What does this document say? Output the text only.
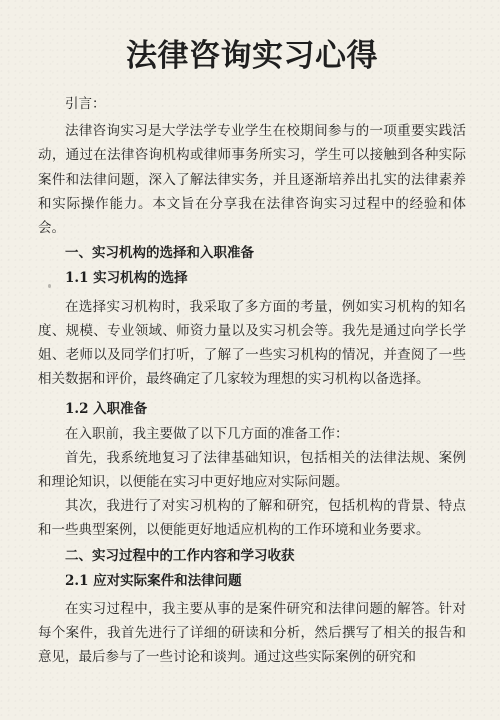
法律咨询实习心得

引言：

法律咨询实习是大学法学专业学生在校期间参与的一项重要实践活动，通过在法律咨询机构或律师事务所实习，学生可以接触到各种实际案件和法律问题，深入了解法律实务，并且逐渐培养出扎实的法律素养和实际操作能力。本文旨在分享我在法律咨询实习过程中的经验和体会。

一、实习机构的选择和入职准备

1.1 实习机构的选择

在选择实习机构时，我采取了多方面的考量，例如实习机构的知名度、规模、专业领域、师资力量以及实习机会等。我先是通过向学长学姐、老师以及同学们打听，了解了一些实习机构的情况，并查阅了一些相关数据和评价，最终确定了几家较为理想的实习机构以备选择。

1.2 入职准备

在入职前，我主要做了以下几方面的准备工作：

首先，我系统地复习了法律基础知识，包括相关的法律法规、案例和理论知识，以便能在实习中更好地应对实际问题。

其次，我进行了对实习机构的了解和研究，包括机构的背景、特点和一些典型案例，以便能更好地适应机构的工作环境和业务要求。

二、实习过程中的工作内容和学习收获

2.1 应对实际案件和法律问题

在实习过程中，我主要从事的是案件研究和法律问题的解答。针对每个案件，我首先进行了详细的研读和分析，然后撰写了相关的报告和意见，最后参与了一些讨论和谈判。通过这些实际案例的研究和
